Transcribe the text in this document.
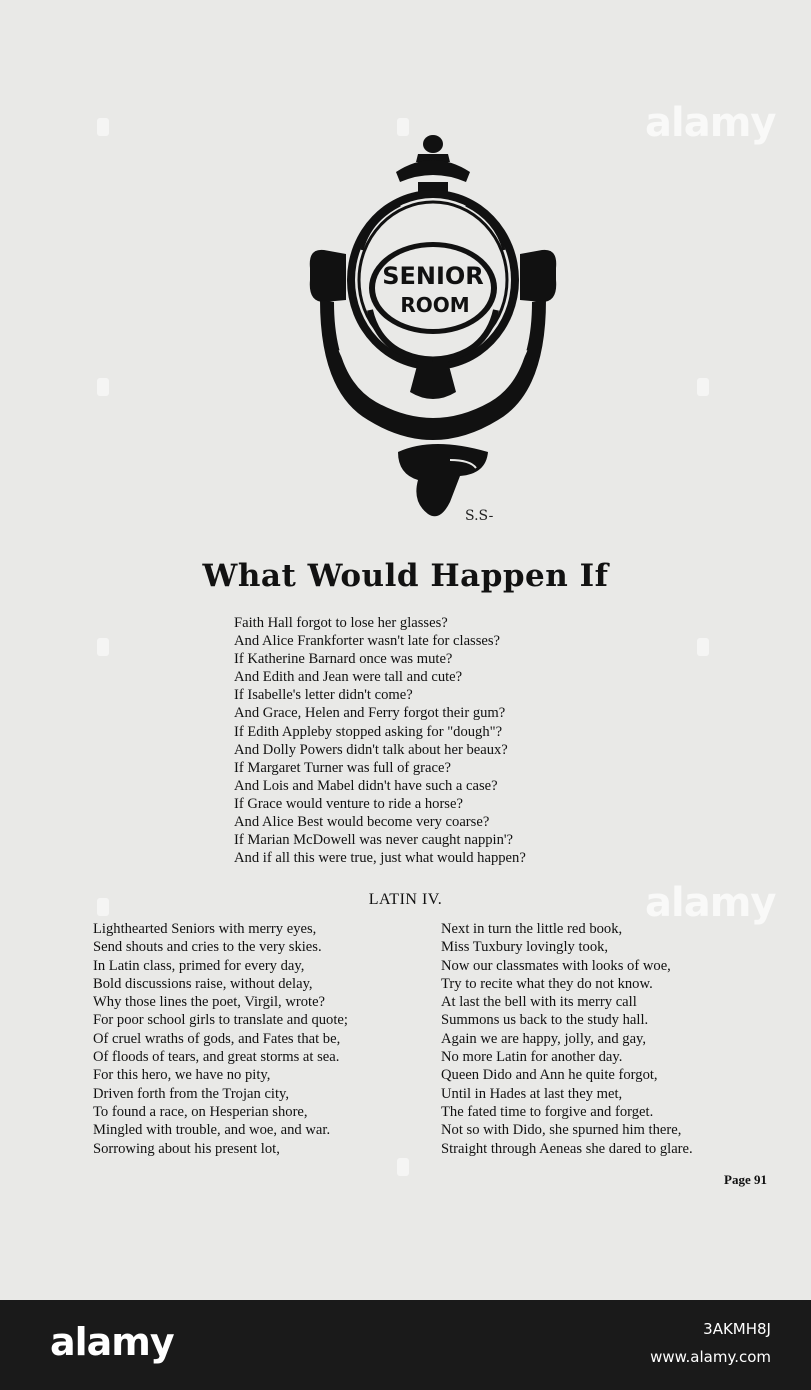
alamy
alamy
SENIOR
ROOM
S.S-
What Would Happen If
Faith Hall forgot to lose her glasses?
And Alice Frankforter wasn't late for classes?
If Katherine Barnard once was mute?
And Edith and Jean were tall and cute?
If Isabelle's letter didn't come?
And Grace, Helen and Ferry forgot their gum?
If Edith Appleby stopped asking for "dough"?
And Dolly Powers didn't talk about her beaux?
If Margaret Turner was full of grace?
And Lois and Mabel didn't have such a case?
If Grace would venture to ride a horse?
And Alice Best would become very coarse?
If Marian McDowell was never caught nappin'?
And if all this were true, just what would happen?
LATIN IV.
Lighthearted Seniors with merry eyes,
Send shouts and cries to the very skies.
In Latin class, primed for every day,
Bold discussions raise, without delay,
Why those lines the poet, Virgil, wrote?
For poor school girls to translate and quote;
Of cruel wraths of gods, and Fates that be,
Of floods of tears, and great storms at sea.
For this hero, we have no pity,
Driven forth from the Trojan city,
To found a race, on Hesperian shore,
Mingled with trouble, and woe, and war.
Sorrowing about his present lot,
Next in turn the little red book,
Miss Tuxbury lovingly took,
Now our classmates with looks of woe,
Try to recite what they do not know.
At last the bell with its merry call
Summons us back to the study hall.
Again we are happy, jolly, and gay,
No more Latin for another day.
Queen Dido and Ann he quite forgot,
Until in Hades at last they met,
The fated time to forgive and forget.
Not so with Dido, she spurned him there,
Straight through Aeneas she dared to glare.
Page 91
alamy	3AKMH8J
www.alamy.com
